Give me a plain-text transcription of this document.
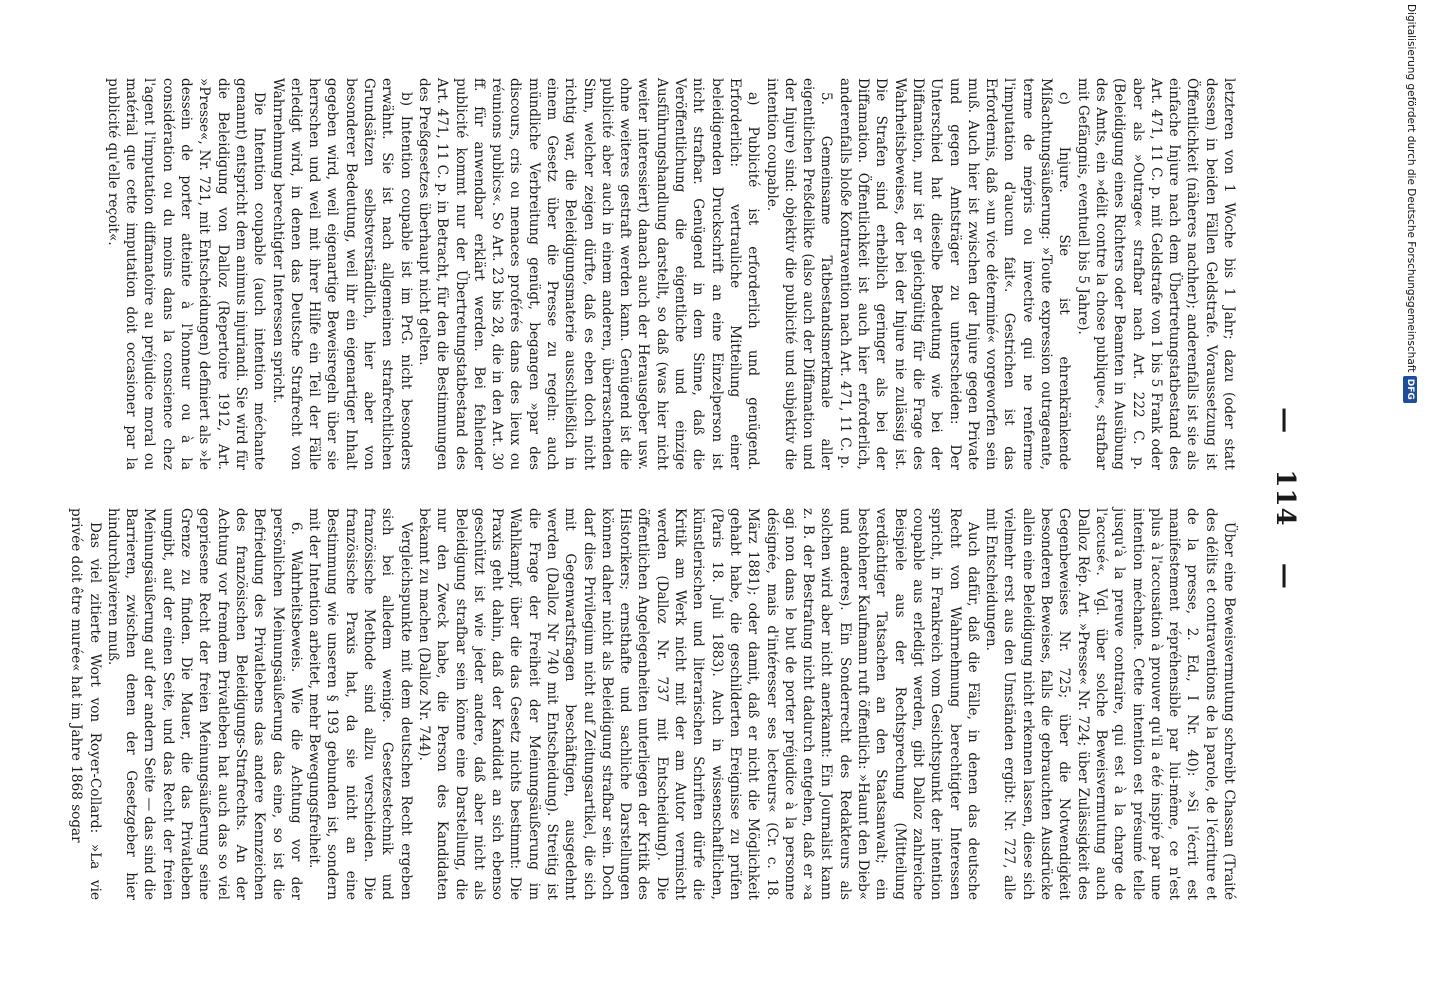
—    114    —

letzteren von 1 Woche bis 1 Jahr; dazu (oder statt dessen) in beiden Fällen Geldstrafe. Voraussetzung ist Öffentlichkeit (näheres nachher); anderenfalls ist sie als einfache Injure nach dem Übertretungstatbestand des Art. 471, 11 C. p. mit Geldstrafe von 1 bis 5 Frank oder aber als »Outrage« strafbar nach Art. 222 C. p. (Beleidigung eines Richters oder Beamten in Ausübung des Amts, ein »délit contre la chose publique«, strafbar mit Gefängnis, eventuell bis 5 Jahre).

c) Injure. Sie ist ehrenkränkende Mißachtungsäußerung: »Toute expression outrageante, terme de mépris ou invective qui ne renferme l'imputation d'aucun fait«. Gestrichen ist das Erfordernis, daß »un vice déterminé« vorgeworfen sein muß. Auch hier ist zwischen der Injure gegen Private und gegen Amtsträger zu unterscheiden: Der Unterschied hat dieselbe Bedeutung wie bei der Diffamation, nur ist er gleichgültig für die Frage des Wahrheitsbeweises, der bei der Injure nie zulässig ist. Die Strafen sind erheblich geringer als bei der Diffamation. Öffentlichkeit ist auch hier erforderlich, anderenfalls bloße Kontravention nach Art. 471, 11 C. p.

5. Gemeinsame Tatbestandsmerkmale aller eigentlichen Preßdelikte (also auch der Diffamation und der Injure) sind: objektiv die publicité und subjektiv die intention coupable.

a) Publicité ist erforderlich und genügend. Erforderlich: vertrauliche Mitteilung einer beleidigenden Druckschrift an eine Einzelperson ist nicht strafbar. Genügend in dem Sinne, daß die Veröffentlichung die eigentliche und einzige Ausführungshandlung darstellt, so daß (was hier nicht weiter interessiert) danach auch der Herausgeber usw. ohne weiteres gestraft werden kann. Genügend ist die publicité aber auch in einem anderen, überraschenden Sinn, welcher zeigen dürfte, daß es eben doch nicht richtig war, die Beleidigungsmaterie ausschließlich in einem Gesetz über die Presse zu regeln: auch mündliche Verbreitung genügt, begangen »par des discours, cris ou menaces proférés dans des lieux ou réunions publics«. So Art. 23 bis 28, die in den Art. 30 ff. für anwendbar erklärt werden. Bei fehlender publicité kommt nur der Übertretungstatbestand des Art. 471, 11 C. p. in Betracht, für den die Bestimmungen des Preßgesetzes überhaupt nicht gelten.

b) Intention coupable ist im PrG. nicht besonders erwähnt. Sie ist nach allgemeinen strafrechtlichen Grundsätzen selbstverständlich, hier aber von besonderer Bedeutung, weil ihr ein eigenartiger Inhalt gegeben wird, weil eigenartige Beweisregeln über sie herrschen und weil mit ihrer Hilfe ein Teil der Fälle erledigt wird, in denen das Deutsche Strafrecht von Wahrnehmung berechtigter Interessen spricht.

Die Intention coupable (auch intention méchante genannt) entspricht dem animus injuriandi. Sie wird für die Beleidigung von Dalloz (Repertoire 1912, Art. »Presse«, Nr. 721, mit Entscheidungen) definiert als »le dessein de porter atteinte à l'honneur ou à la considération ou du moins dans la conscience chez l'agent l'imputation diffamatoire au préjudice moral ou matérial que cette imputation doit occasioner par la publicité qu'elle reçoit«.

Über eine Beweisvermutung schreibt Chassan (Traité des délits et contraventions de la parole, de l'écriture et de la presse, 2. Ed., I Nr. 40): »Si l'écrit est manifestement répréhensible par lui-même, ce n'est plus à l'accusation à prouver qu'il a été inspiré par une intention méchante. Cette intention est présumé telle jusqu'à la preuve contraire, qui est à la charge de l'accusé«. Vgl. über solche Beweisvermutung auch Dalloz Rép. Art. »Presse« Nr. 724; über Zulässigkeit des Gegenbeweises Nr. 725; über die Notwendigkeit besonderen Beweises, falls die gebrauchten Ausdrücke allein eine Beleidigung nicht erkennen lassen, diese sich vielmehr erst aus den Umständen ergibt: Nr. 727, alle mit Entscheidungen.

Auch dafür, daß die Fälle, in denen das deutsche Recht von Wahrnehmung berechtigter Interessen spricht, in Frankreich vom Gesichtspunkt der intention coupable aus erledigt werden, gibt Dalloz zahlreiche Beispiele aus der Rechtsprechung (Mitteilung verdächtiger Tatsachen an den Staatsanwalt; ein bestohlener Kaufmann ruft öffentlich: »Haunt den Dieb« und anderes). Ein Sonderrecht des Redakteurs als solchen wird aber nicht anerkannt: Ein Journalist kann z. B. der Bestrafung nicht dadurch entgehen, daß er »a agi non dans le but de porter préjudice à la personne désignée, mais d'intéresser ses lecteurs« (Cr. c. 18. März 1881); oder damit, daß er nicht die Möglichkeit gehabt habe, die geschilderten Ereignisse zu prüfen (Paris 18. Juli 1883). Auch in wissenschaftlichen, künstlerischen und literarischen Schriften dürfe die Kritik am Werk nicht mit der am Autor vermischt werden (Dalloz Nr. 737 mit Entscheidung). Die öffentlichen Angelegenheiten unterliegen der Kritik des Historikers; ernsthafte und sachliche Darstellungen können daher nicht als Beleidigung strafbar sein. Doch darf dies Privilegium nicht auf Zeitungsartikel, die sich mit Gegenwartsfragen beschäftigen, ausgedehnt werden (Dalloz Nr 740 mit Entscheidung). Streitig ist die Frage der Freiheit der Meinungsäußerung im Wahlkampf, über die das Gesetz nichts bestimmt: Die Praxis geht dahin, daß der Kandidat an sich ebenso geschützt ist wie jeder andere, daß aber nicht als Beleidigung strafbar sein könne eine Darstellung, die nur den Zweck habe, die Person des Kandidaten bekannt zu machen (Dalloz Nr. 744).

Vergleichspunkte mit dem deutschen Recht ergeben sich bei alledem wenige. Gesetzestechnik und französische Methode sind allzu verschieden. Die französische Praxis hat, da sie nicht an eine Bestimmung wie unseren § 193 gebunden ist, sondern mit der Intention arbeitet, mehr Bewegungsfreiheit.

6. Wahrheitsbeweis. Wie die Achtung vor der persönlichen Meinungsäußerung das eine, so ist die Befriedung des Privatlebens das andere Kennzeichen des französischen Beleidigungs-Strafrechts. An der Achtung vor fremdem Privatleben hat auch das so viel gepriesene Recht der freien Meinungsäußerung seine Grenze zu finden. Die Mauer, die das Privatleben umgibt, auf der einen Seite, und das Recht der freien Meinungsäußerung auf der andern Seite — das sind die Barrieren, zwischen denen der Gesetzgeber hier hindurchlavieren muß.

Das viel zitierte Wort von Royer-Collard: »La vie privée doit être murée« hat im Jahre 1868 sogar

Digitalisierung gefördert durch die Deutsche Forschungsgemeinschaft DFG
